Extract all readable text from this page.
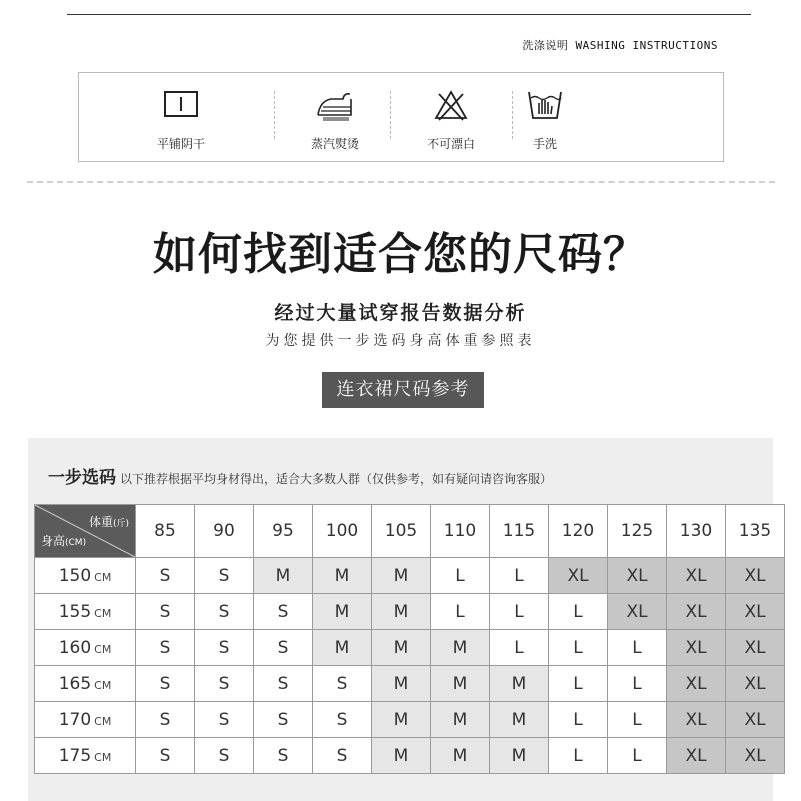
洗涤说明 WASHING INSTRUCTIONS
平铺阴干	蒸汽熨烫	不可漂白	手洗
如何找到适合您的尺码？
经过大量试穿报告数据分析
为您提供一步选码身高体重参照表
连衣裙尺码参考
一步选码 以下推荐根据平均身材得出，适合大多数人群（仅供参考，如有疑问请咨询客服）
体重(斤)
身高(CM)	85	90	95	100	105	110	115	120	125	130	135
150 CM	S	S	M	M	M	L	L	XL	XL	XL	XL
155 CM	S	S	S	M	M	L	L	L	XL	XL	XL
160 CM	S	S	S	M	M	M	L	L	L	XL	XL
165 CM	S	S	S	S	M	M	M	L	L	XL	XL
170 CM	S	S	S	S	M	M	M	L	L	XL	XL
175 CM	S	S	S	S	M	M	M	L	L	XL	XL
